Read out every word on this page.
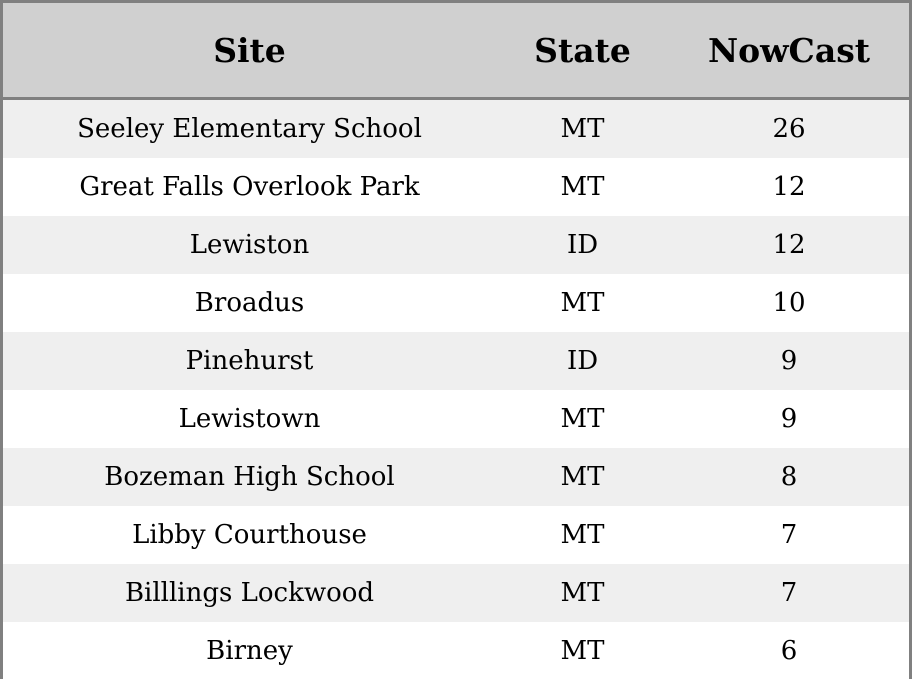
Site	State	NowCast
Seeley Elementary School	MT	26
Great Falls Overlook Park	MT	12
Lewiston	ID	12
Broadus	MT	10
Pinehurst	ID	9
Lewistown	MT	9
Bozeman High School	MT	8
Libby Courthouse	MT	7
Billlings Lockwood	MT	7
Birney	MT	6
